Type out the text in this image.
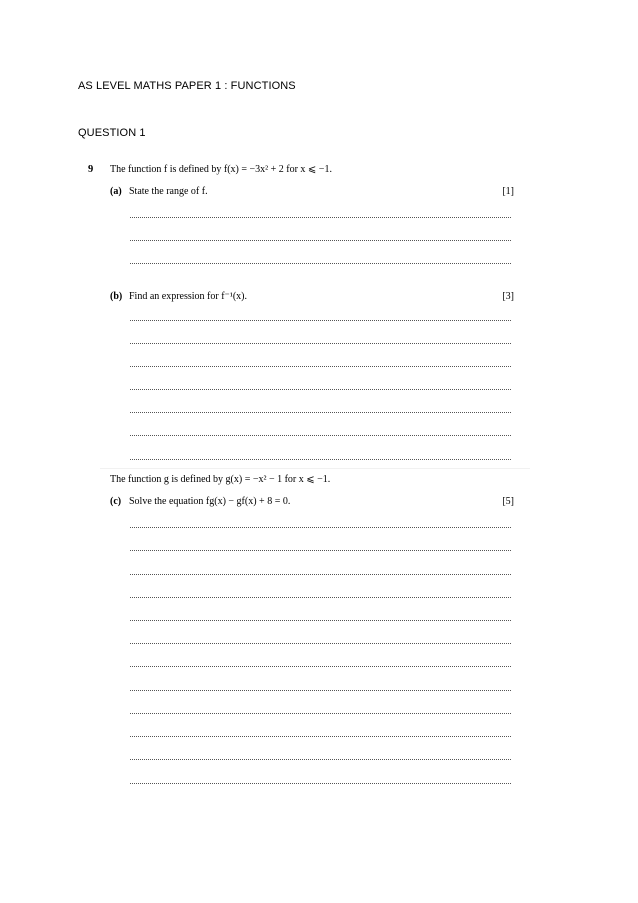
AS LEVEL MATHS PAPER 1 : FUNCTIONS
QUESTION 1
9 The function f is defined by f(x) = −3x² + 2 for x ⩽ −1.
(a) State the range of f.	[1]
(b) Find an expression for f⁻¹(x).	[3]
The function g is defined by g(x) = −x² − 1 for x ⩽ −1.
(c) Solve the equation fg(x) − gf(x) + 8 = 0.	[5]
